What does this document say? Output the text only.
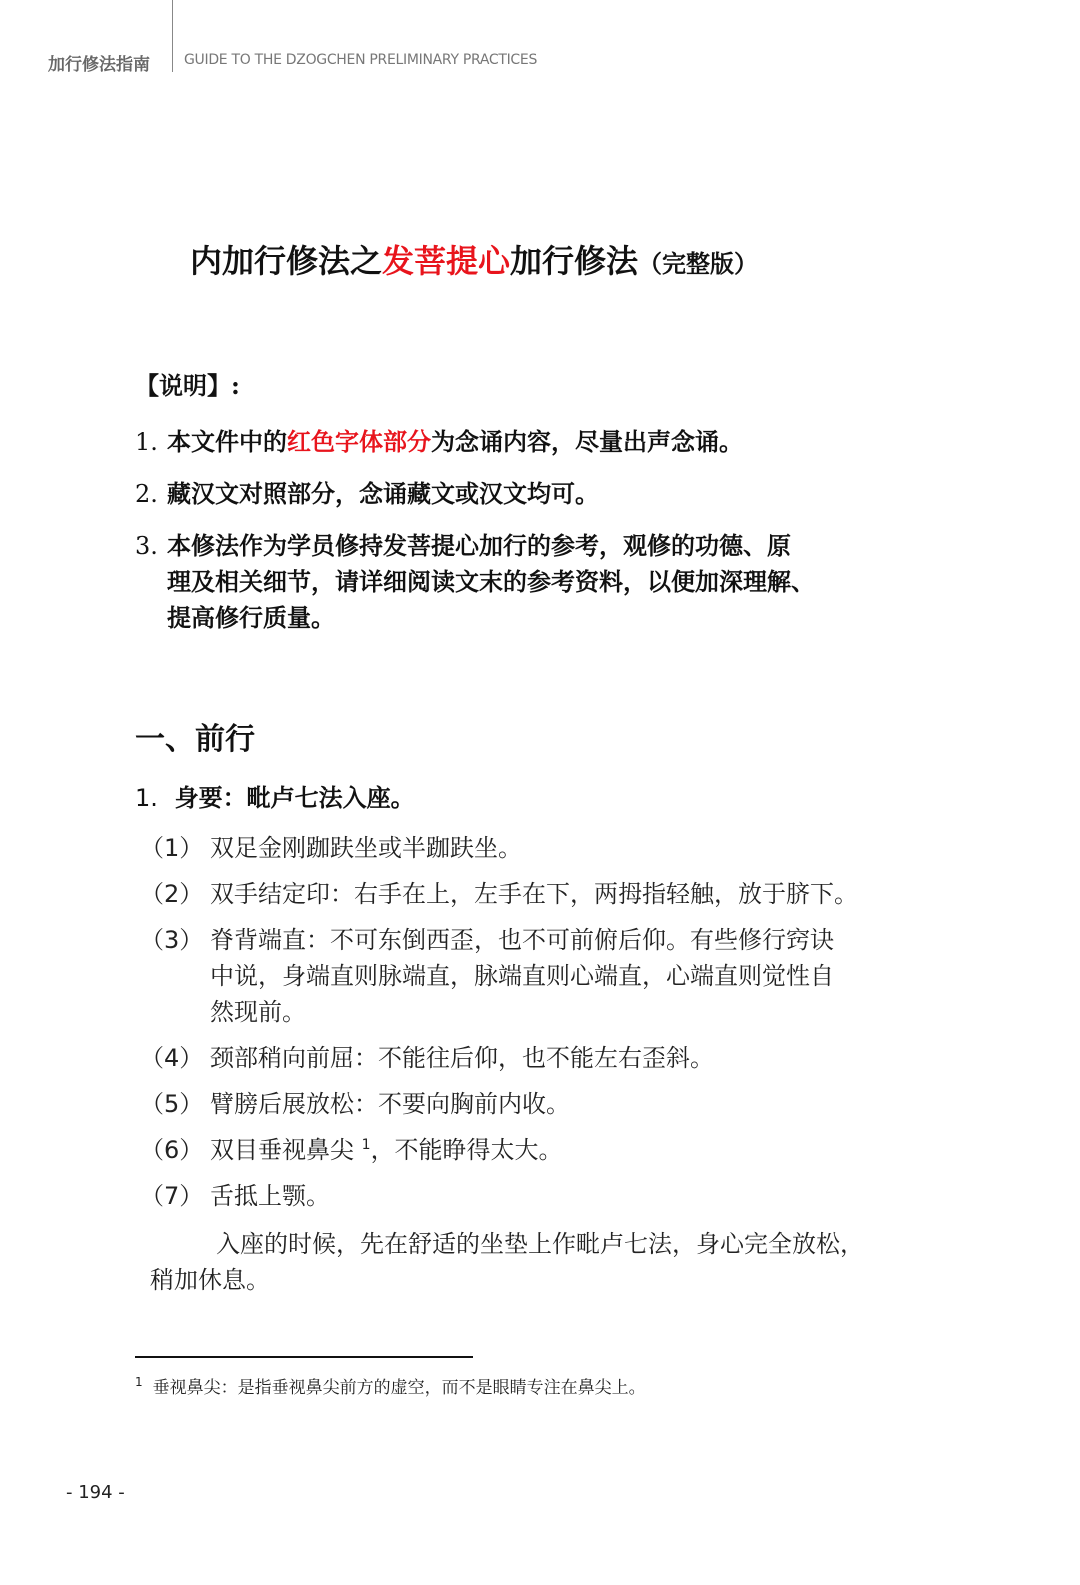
加行修法指南 GUIDE TO THE DZOGCHEN PRELIMINARY PRACTICES
内加行修法之发菩提心加行修法（完整版）
【说明】:
1. 本文件中的红色字体部分为念诵内容，尽量出声念诵。
2. 藏汉文对照部分，念诵藏文或汉文均可。
3. 本修法作为学员修持发菩提心加行的参考，观修的功德、原
理及相关细节，请详细阅读文末的参考资料，以便加深理解、
提高修行质量。
一、前行
1. 身要：毗卢七法入座。
（1） 双足金刚跏趺坐或半跏趺坐。
（2） 双手结定印：右手在上，左手在下，两拇指轻触，放于脐下。
（3） 脊背端直：不可东倒西歪，也不可前俯后仰。有些修行窍诀
中说，身端直则脉端直，脉端直则心端直，心端直则觉性自
然现前。
（4） 颈部稍向前屈：不能往后仰，也不能左右歪斜。
（5） 臂膀后展放松：不要向胸前内收。
（6） 双目垂视鼻尖 $^1$，不能睁得太大。
（7） 舌抵上颚。
入座的时候，先在舒适的坐垫上作毗卢七法，身心完全放松，
稍加休息。
$^1$ 垂视鼻尖：是指垂视鼻尖前方的虚空，而不是眼睛专注在鼻尖上。
- 194 -
